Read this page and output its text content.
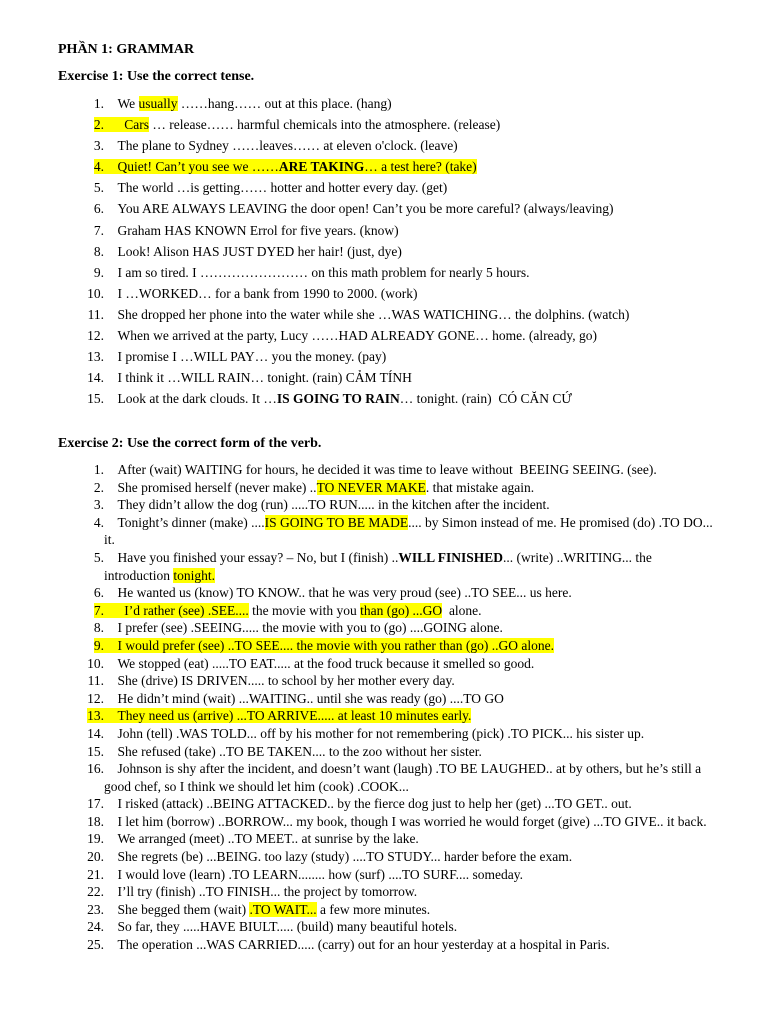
PHẦN 1: GRAMMAR
Exercise 1: Use the correct tense.
1.	We usually ……hang…… out at this place. (hang)
2.	Cars … release…… harmful chemicals into the atmosphere. (release)
3.	The plane to Sydney ……leaves…… at eleven o'clock. (leave)
4.	Quiet! Can’t you see we ……ARE TAKING… a test here? (take)
5.	The world …is getting…… hotter and hotter every day. (get)
6.	You ARE ALWAYS LEAVING the door open! Can’t you be more careful? (always/leaving)
7.	Graham HAS KNOWN Errol for five years. (know)
8.	Look! Alison HAS JUST DYED her hair! (just, dye)
9.	I am so tired. I …………………… on this math problem for nearly 5 hours.
10.	I …WORKED… for a bank from 1990 to 2000. (work)
11.	She dropped her phone into the water while she …WAS WATICHING… the dolphins. (watch)
12.	When we arrived at the party, Lucy ……HAD ALREADY GONE… home. (already, go)
13.	I promise I …WILL PAY… you the money. (pay)
14.	I think it …WILL RAIN… tonight. (rain) CẢM TÍNH
15.	Look at the dark clouds. It …IS GOING TO RAIN… tonight. (rain)  CÓ CĂN CỨ
Exercise 2: Use the correct form of the verb.
1.	After (wait) WAITING for hours, he decided it was time to leave without  BEEING SEEING. (see).
2.	She promised herself (never make) ..TO NEVER MAKE. that mistake again.
3.	They didn’t allow the dog (run) .....TO RUN..... in the kitchen after the incident.
4.	Tonight’s dinner (make) ....IS GOING TO BE MADE.... by Simon instead of me. He promised (do) .TO DO... it.
5.	Have you finished your essay? – No, but I (finish) ..WILL FINISHED... (write) ..WRITING... the introduction tonight.
6.	He wanted us (know) TO KNOW.. that he was very proud (see) ..TO SEE... us here.
7.	I’d rather (see) .SEE.... the movie with you than (go) ...GO  alone.
8.	I prefer (see) .SEEING..... the movie with you to (go) ....GOING alone.
9.	I would prefer (see) ..TO SEE.... the movie with you rather than (go) ..GO alone.
10.	We stopped (eat) .....TO EAT..... at the food truck because it smelled so good.
11.	She (drive) IS DRIVEN..... to school by her mother every day.
12.	He didn’t mind (wait) ...WAITING.. until she was ready (go) ....TO GO
13.	They need us (arrive) ...TO ARRIVE..... at least 10 minutes early.
14.	John (tell) .WAS TOLD... off by his mother for not remembering (pick) .TO PICK... his sister up.
15.	She refused (take) ..TO BE TAKEN.... to the zoo without her sister.
16.	Johnson is shy after the incident, and doesn’t want (laugh) .TO BE LAUGHED.. at by others, but he’s still a good chef, so I think we should let him (cook) .COOK...
17.	I risked (attack) ..BEING ATTACKED.. by the fierce dog just to help her (get) ...TO GET.. out.
18.	I let him (borrow) ..BORROW... my book, though I was worried he would forget (give) ...TO GIVE.. it back.
19.	We arranged (meet) ..TO MEET.. at sunrise by the lake.
20.	She regrets (be) ...BEING. too lazy (study) ....TO STUDY... harder before the exam.
21.	I would love (learn) .TO LEARN........ how (surf) ....TO SURF.... someday.
22.	I’ll try (finish) ..TO FINISH... the project by tomorrow.
23.	She begged them (wait) .TO WAIT... a few more minutes.
24.	So far, they .....HAVE BIULT..... (build) many beautiful hotels.
25.	The operation ...WAS CARRIED..... (carry) out for an hour yesterday at a hospital in Paris.
